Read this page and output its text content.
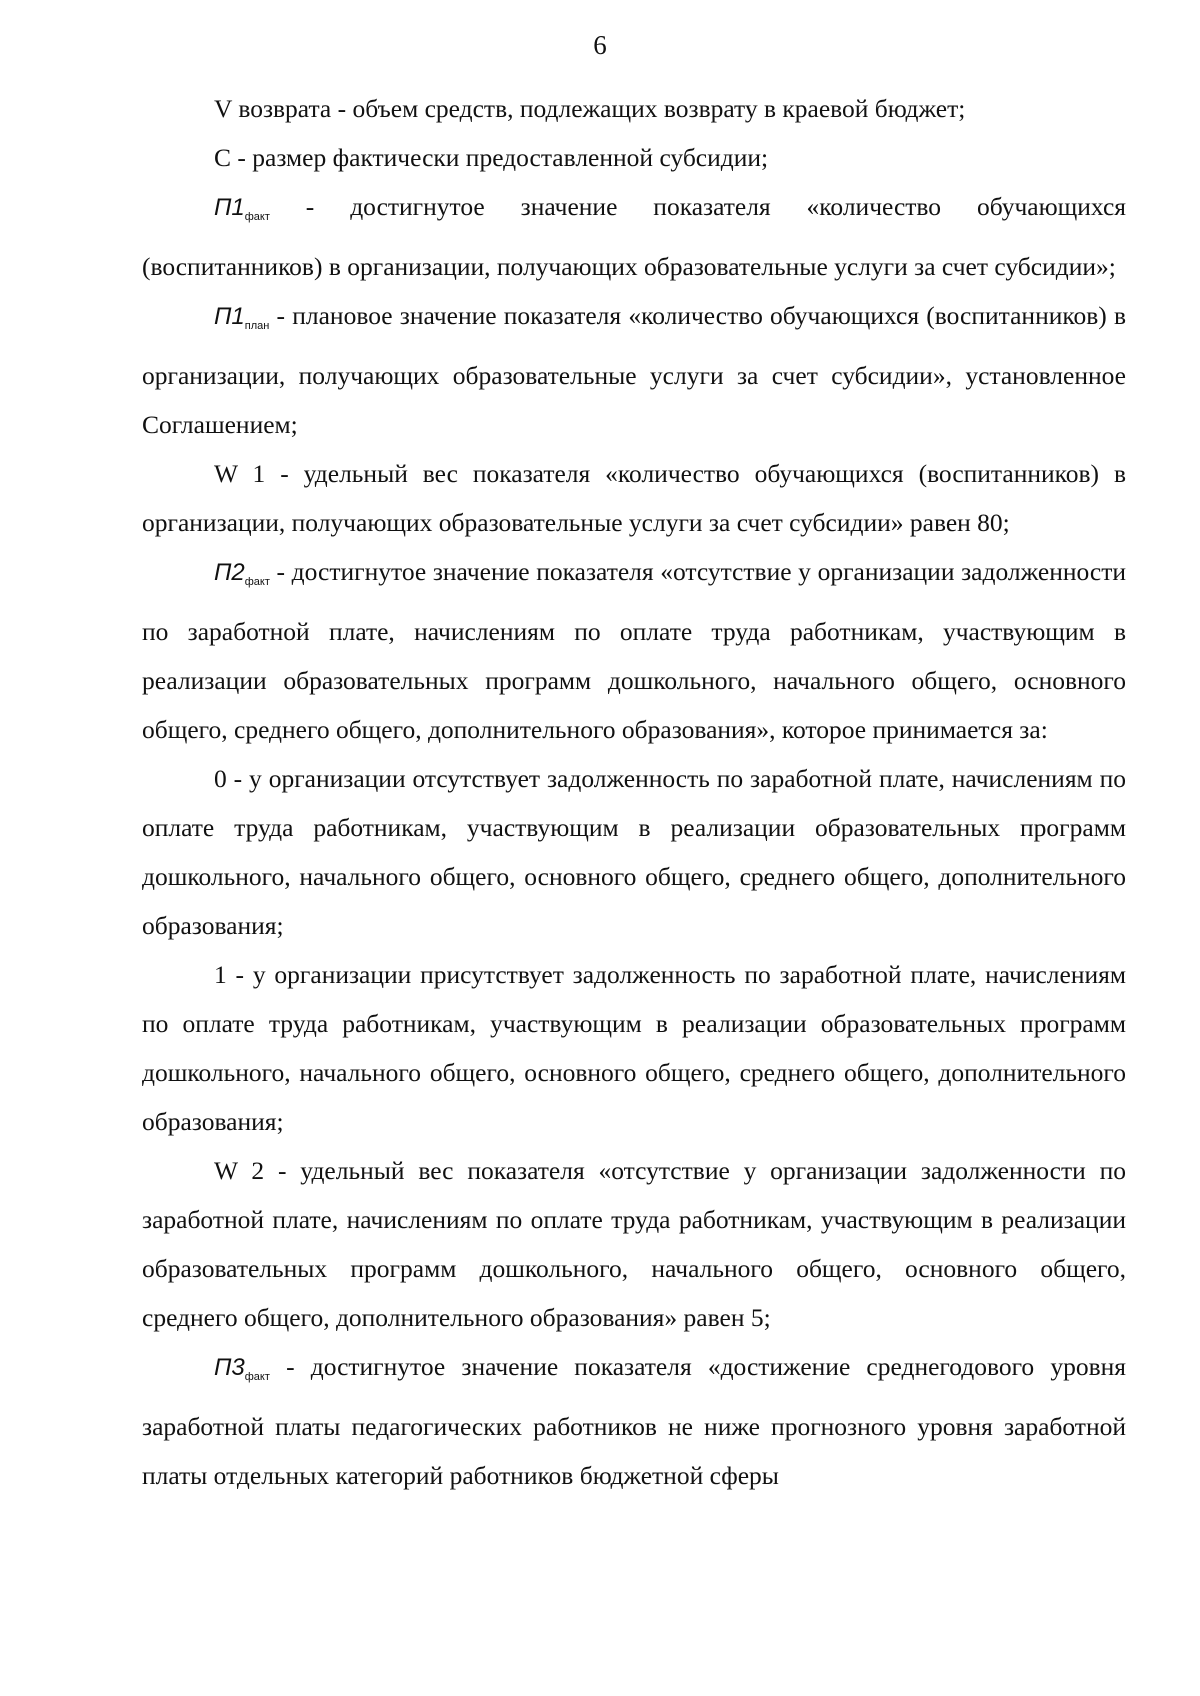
6

V возврата - объем средств, подлежащих возврату в краевой бюджет;

С - размер фактически предоставленной субсидии;

$П1_{факт}$ - достигнутое значение показателя «количество обучающихся (воспитанников) в организации, получающих образовательные услуги за счет субсидии»;

$П1_{план}$ - плановое значение показателя «количество обучающихся (воспитанников) в организации, получающих образовательные услуги за счет субсидии», установленное Соглашением;

W 1 - удельный вес показателя «количество обучающихся (воспитанников) в организации, получающих образовательные услуги за счет субсидии» равен 80;

$П2_{факт}$ - достигнутое значение показателя «отсутствие у организации задолженности по заработной плате, начислениям по оплате труда работникам, участвующим в реализации образовательных программ дошкольного, начального общего, основного общего, среднего общего, дополнительного образования», которое принимается за:

0 - у организации отсутствует задолженность по заработной плате, начислениям по оплате труда работникам, участвующим в реализации образовательных программ дошкольного, начального общего, основного общего, среднего общего, дополнительного образования;

1 - у организации присутствует задолженность по заработной плате, начислениям по оплате труда работникам, участвующим в реализации образовательных программ дошкольного, начального общего, основного общего, среднего общего, дополнительного образования;

W 2 - удельный вес показателя «отсутствие у организации задолженности по заработной плате, начислениям по оплате труда работникам, участвующим в реализации образовательных программ дошкольного, начального общего, основного общего, среднего общего, дополнительного образования» равен 5;

$П3_{факт}$ - достигнутое значение показателя «достижение среднегодового уровня заработной платы педагогических работников не ниже прогнозного уровня заработной платы отдельных категорий работников бюджетной сферы
